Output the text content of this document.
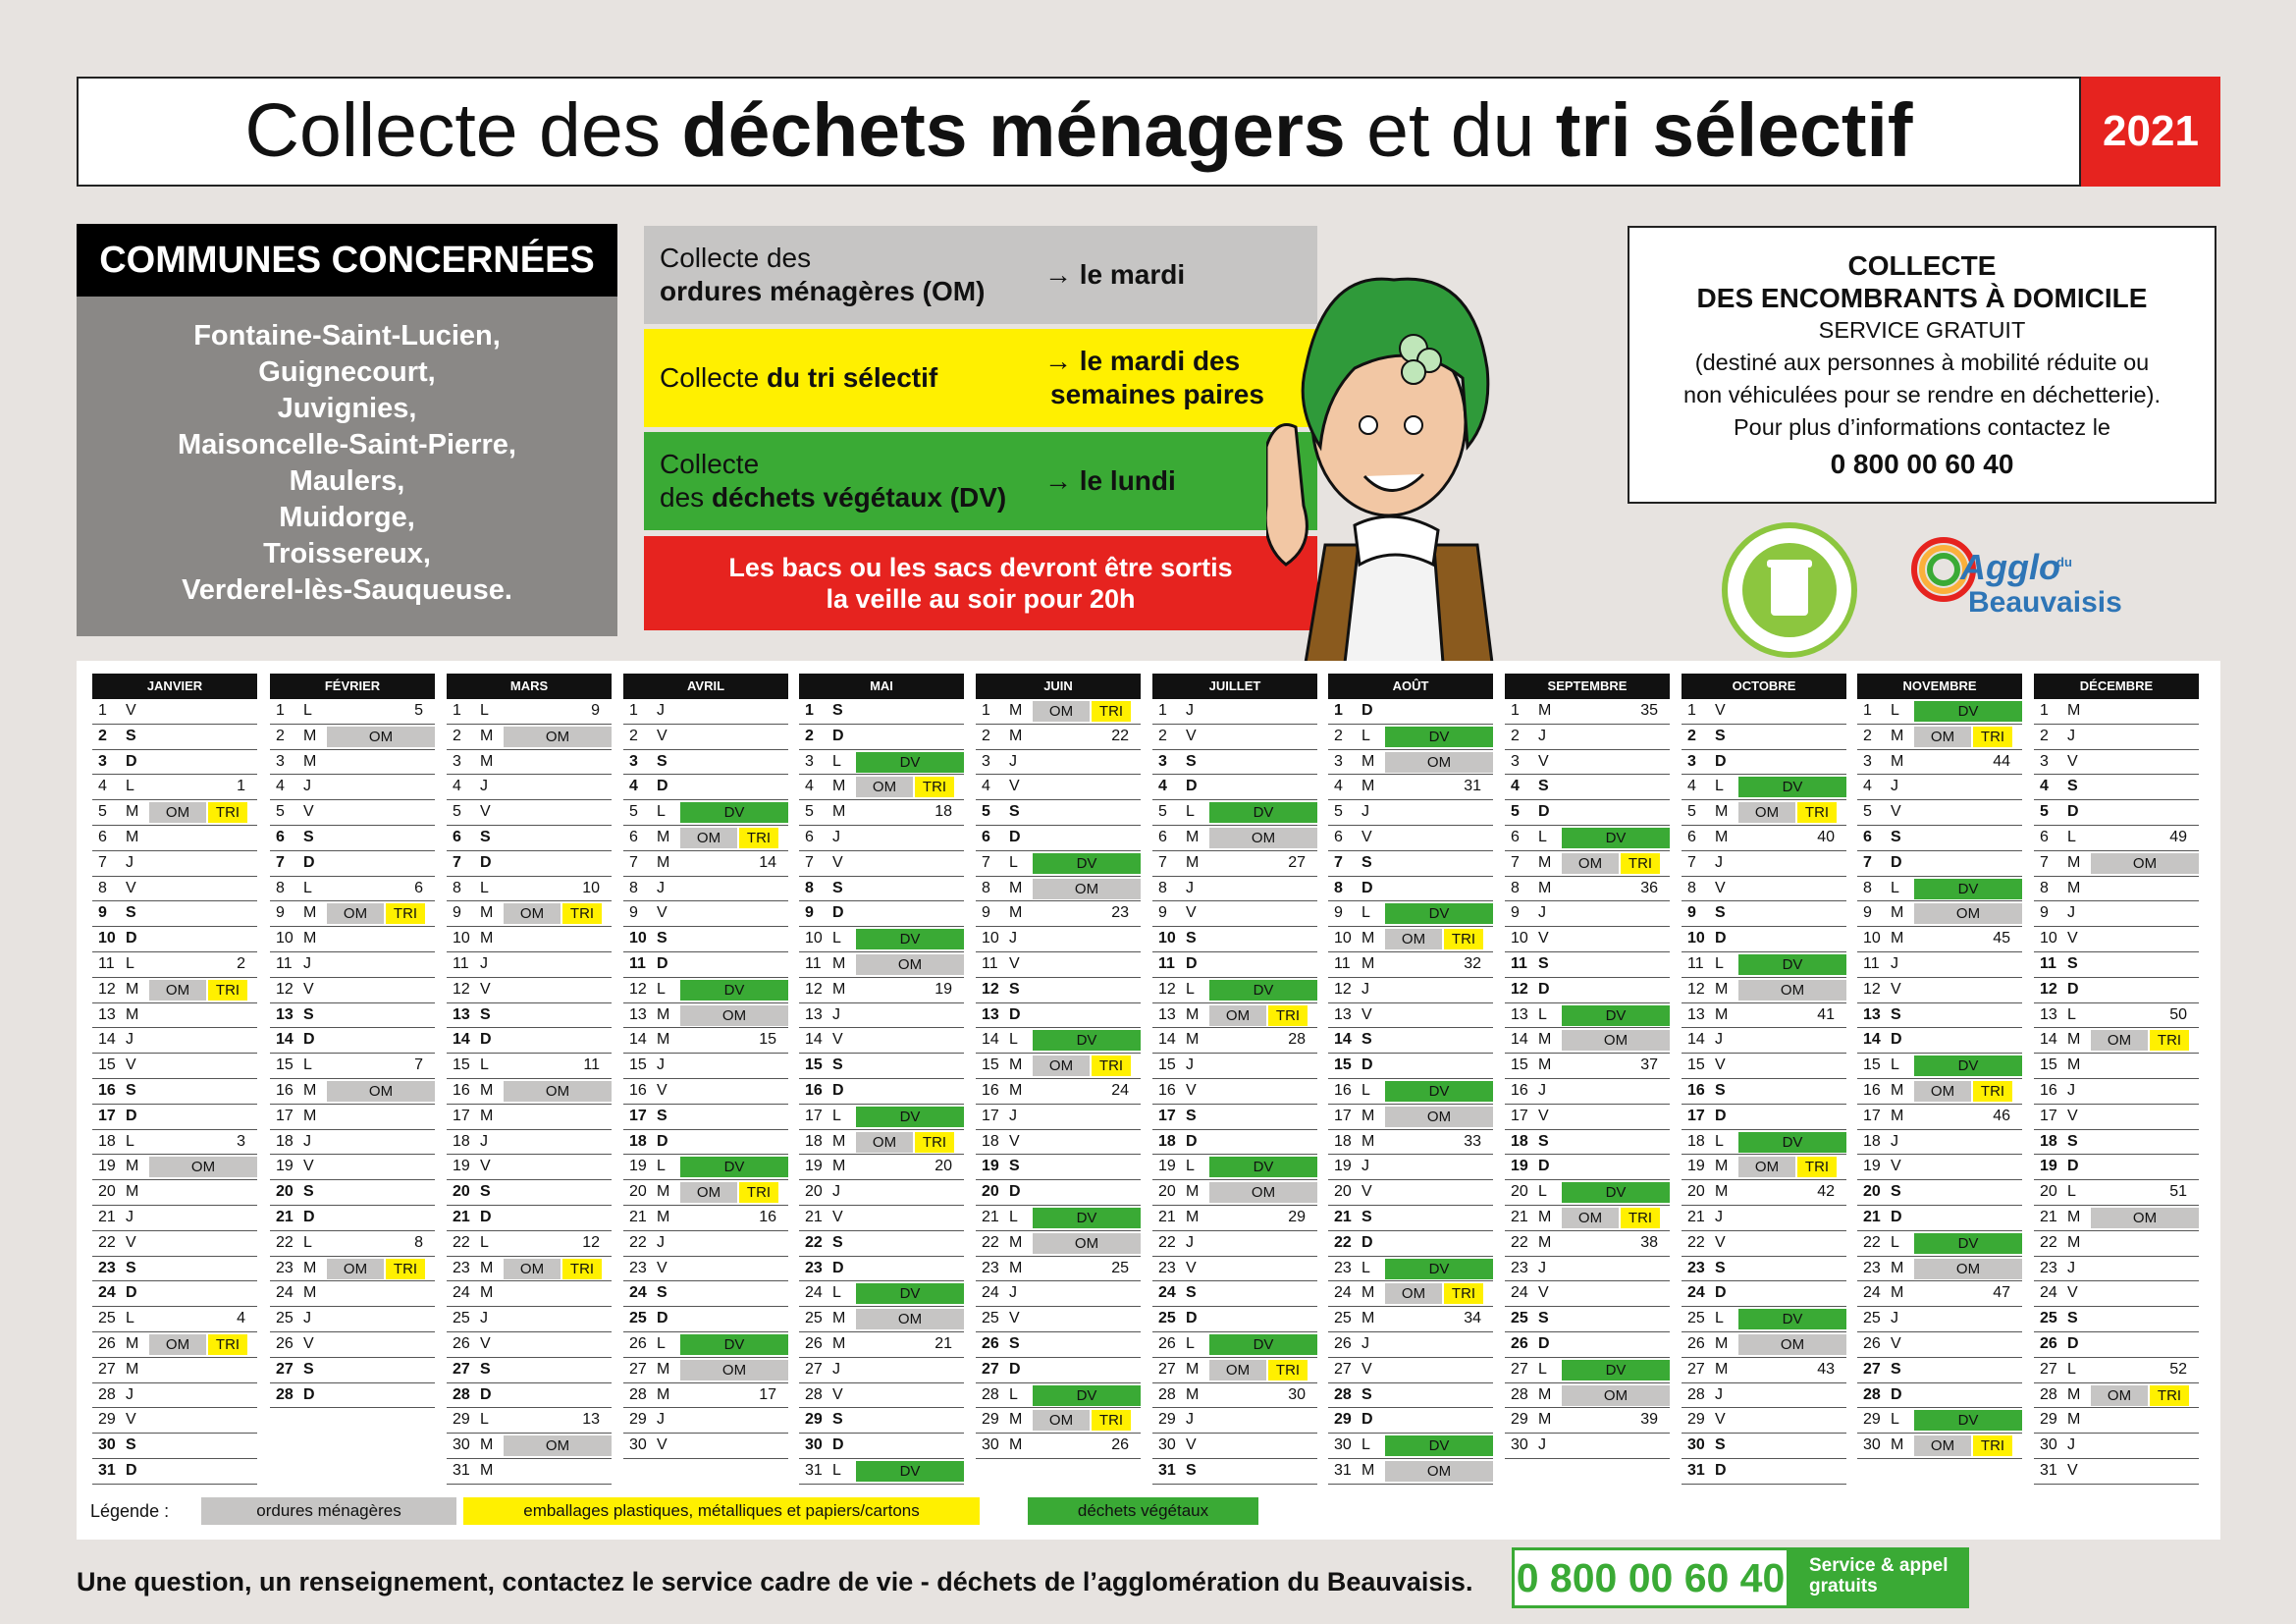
Collecte des déchets ménagers et du tri sélectif	2021
COMMUNES CONCERNÉES
Fontaine-Saint-Lucien,
Guignecourt,
Juvignies,
Maisoncelle-Saint-Pierre,
Maulers,
Muidorge,
Troissereux,
Verderel-lès-Sauqueuse.
Collecte des
ordures ménagères (OM)
→ le mardi
Collecte du tri sélectif
→ le mardi des
semaines paires
Collecte
des déchets végétaux (DV)
→ le lundi
Les bacs ou les sacs devront être sortis
la veille au soir pour 20h
COLLECTE
DES ENCOMBRANTS À DOMICILE
SERVICE GRATUIT
(destiné aux personnes à mobilité réduite ou
non véhiculées pour se rendre en déchetterie).
Pour plus d’informations contactez le
0 800 00 60 40
Agglo
du
Beauvaisis
JANVIER
1 V
2 S
3 D
4 L	1
5 M	OM	TRI
6 M
7 J
8 V
9 S
10 D
11 L	2
12 M	OM	TRI
13 M
14 J
15 V
16 S
17 D
18 L	3
19 M	OM
20 M
21 J
22 V
23 S
24 D
25 L	4
26 M	OM	TRI
27 M
28 J
29 V
30 S
31 D
FÉVRIER
1 L	5
2 M	OM
3 M
4 J
5 V
6 S
7 D
8 L	6
9 M	OM	TRI
10 M
11 J
12 V
13 S
14 D
15 L	7
16 M	OM
17 M
18 J
19 V
20 S
21 D
22 L	8
23 M	OM	TRI
24 M
25 J
26 V
27 S
28 D
MARS
1 L	9
2 M	OM
3 M
4 J
5 V
6 S
7 D
8 L	10
9 M	OM	TRI
10 M
11 J
12 V
13 S
14 D
15 L	11
16 M	OM
17 M
18 J
19 V
20 S
21 D
22 L	12
23 M	OM	TRI
24 M
25 J
26 V
27 S
28 D
29 L	13
30 M	OM
31 M
AVRIL
1 J
2 V
3 S
4 D
5 L	DV
6 M	OM	TRI
7 M	14
8 J
9 V
10 S
11 D
12 L	DV
13 M	OM
14 M	15
15 J
16 V
17 S
18 D
19 L	DV
20 M	OM	TRI
21 M	16
22 J
23 V
24 S
25 D
26 L	DV
27 M	OM
28 M	17
29 J
30 V
MAI
1 S
2 D
3 L	DV
4 M	OM	TRI
5 M	18
6 J
7 V
8 S
9 D
10 L	DV
11 M	OM
12 M	19
13 J
14 V
15 S
16 D
17 L	DV
18 M	OM	TRI
19 M	20
20 J
21 V
22 S
23 D
24 L	DV
25 M	OM
26 M	21
27 J
28 V
29 S
30 D
31 L	DV
JUIN
1 M	OM	TRI
2 M	22
3 J
4 V
5 S
6 D
7 L	DV
8 M	OM
9 M	23
10 J
11 V
12 S
13 D
14 L	DV
15 M	OM	TRI
16 M	24
17 J
18 V
19 S
20 D
21 L	DV
22 M	OM
23 M	25
24 J
25 V
26 S
27 D
28 L	DV
29 M	OM	TRI
30 M	26
JUILLET
1 J
2 V
3 S
4 D
5 L	DV
6 M	OM
7 M	27
8 J
9 V
10 S
11 D
12 L	DV
13 M	OM	TRI
14 M	28
15 J
16 V
17 S
18 D
19 L	DV
20 M	OM
21 M	29
22 J
23 V
24 S
25 D
26 L	DV
27 M	OM	TRI
28 M	30
29 J
30 V
31 S
AOÛT
1 D
2 L	DV
3 M	OM
4 M	31
5 J
6 V
7 S
8 D
9 L	DV
10 M	OM	TRI
11 M	32
12 J
13 V
14 S
15 D
16 L	DV
17 M	OM
18 M	33
19 J
20 V
21 S
22 D
23 L	DV
24 M	OM	TRI
25 M	34
26 J
27 V
28 S
29 D
30 L	DV
31 M	OM
SEPTEMBRE
1 M	35
2 J
3 V
4 S
5 D
6 L	DV
7 M	OM	TRI
8 M	36
9 J
10 V
11 S
12 D
13 L	DV
14 M	OM
15 M	37
16 J
17 V
18 S
19 D
20 L	DV
21 M	OM	TRI
22 M	38
23 J
24 V
25 S
26 D
27 L	DV
28 M	OM
29 M	39
30 J
OCTOBRE
1 V
2 S
3 D
4 L	DV
5 M	OM	TRI
6 M	40
7 J
8 V
9 S
10 D
11 L	DV
12 M	OM
13 M	41
14 J
15 V
16 S
17 D
18 L	DV
19 M	OM	TRI
20 M	42
21 J
22 V
23 S
24 D
25 L	DV
26 M	OM
27 M	43
28 J
29 V
30 S
31 D
NOVEMBRE
1 L	DV
2 M	OM	TRI
3 M	44
4 J
5 V
6 S
7 D
8 L	DV
9 M	OM
10 M	45
11 J
12 V
13 S
14 D
15 L	DV
16 M	OM	TRI
17 M	46
18 J
19 V
20 S
21 D
22 L	DV
23 M	OM
24 M	47
25 J
26 V
27 S
28 D
29 L	DV
30 M	OM	TRI
DÉCEMBRE
1 M
2 J
3 V
4 S
5 D
6 L	49
7 M	OM
8 M
9 J
10 V
11 S
12 D
13 L	50
14 M	OM	TRI
15 M
16 J
17 V
18 S
19 D
20 L	51
21 M	OM
22 M
23 J
24 V
25 S
26 D
27 L	52
28 M	OM	TRI
29 M
30 J
31 V
Légende :	ordures ménagères	emballages plastiques, métalliques et papiers/cartons	déchets végétaux
Une question, un renseignement, contactez le service cadre de vie - déchets de l’agglomération du Beauvaisis. 0 800 00 60 40 Service & appel
gratuits
